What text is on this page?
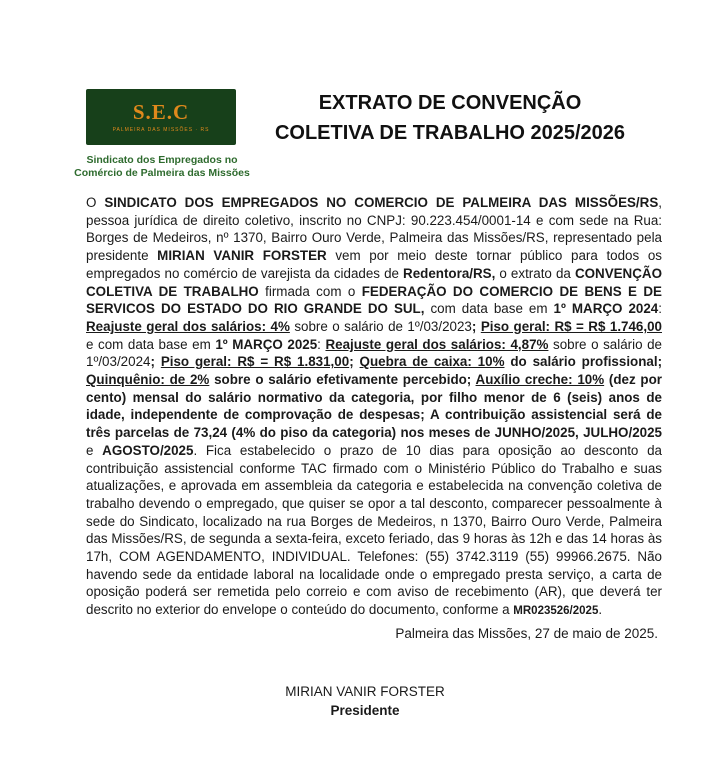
S.E.C
PALMEIRA DAS MISSÕES · RS
Sindicato dos Empregados no
Comércio de Palmeira das Missões
EXTRATO DE CONVENÇÃO
COLETIVA DE TRABALHO 2025/2026
O SINDICATO DOS EMPREGADOS NO COMERCIO DE PALMEIRA DAS MISSÕES/RS, pessoa jurídica de direito coletivo, inscrito no CNPJ: 90.223.454/0001-14 e com sede na Rua: Borges de Medeiros, nº 1370, Bairro Ouro Verde, Palmeira das Missões/RS, representado pela presidente MIRIAN VANIR FORSTER vem por meio deste tornar público para todos os empregados no comércio de varejista da cidades de Redentora/RS, o extrato da CONVENÇÃO COLETIVA DE TRABALHO firmada com o FEDERAÇÃO DO COMERCIO DE BENS E DE SERVICOS DO ESTADO DO RIO GRANDE DO SUL, com data base em 1º MARÇO 2024: Reajuste geral dos salários: 4% sobre o salário de 1º/03/2023; Piso geral: R$ = R$ 1.746,00 e com data base em 1º MARÇO 2025: Reajuste geral dos salários: 4,87% sobre o salário de 1º/03/2024; Piso geral: R$ = R$ 1.831,00; Quebra de caixa: 10% do salário profissional; Quinquênio: de 2% sobre o salário efetivamente percebido; Auxílio creche: 10% (dez por cento) mensal do salário normativo da categoria, por filho menor de 6 (seis) anos de idade, independente de comprovação de despesas; A contribuição assistencial será de três parcelas de 73,24 (4% do piso da categoria) nos meses de JUNHO/2025, JULHO/2025 e AGOSTO/2025. Fica estabelecido o prazo de 10 dias para oposição ao desconto da contribuição assistencial conforme TAC firmado com o Ministério Público do Trabalho e suas atualizações, e aprovada em assembleia da categoria e estabelecida na convenção coletiva de trabalho devendo o empregado, que quiser se opor a tal desconto, comparecer pessoalmente à sede do Sindicato, localizado na rua Borges de Medeiros, n 1370, Bairro Ouro Verde, Palmeira das Missões/RS, de segunda a sexta-feira, exceto feriado, das 9 horas às 12h e das 14 horas às 17h, COM AGENDAMENTO, INDIVIDUAL. Telefones: (55) 3742.3119 (55) 99966.2675. Não havendo sede da entidade laboral na localidade onde o empregado presta serviço, a carta de oposição poderá ser remetida pelo correio e com aviso de recebimento (AR), que deverá ter descrito no exterior do envelope o conteúdo do documento, conforme a MR023526/2025.
Palmeira das Missões, 27 de maio de 2025.
MIRIAN VANIR FORSTER
Presidente
